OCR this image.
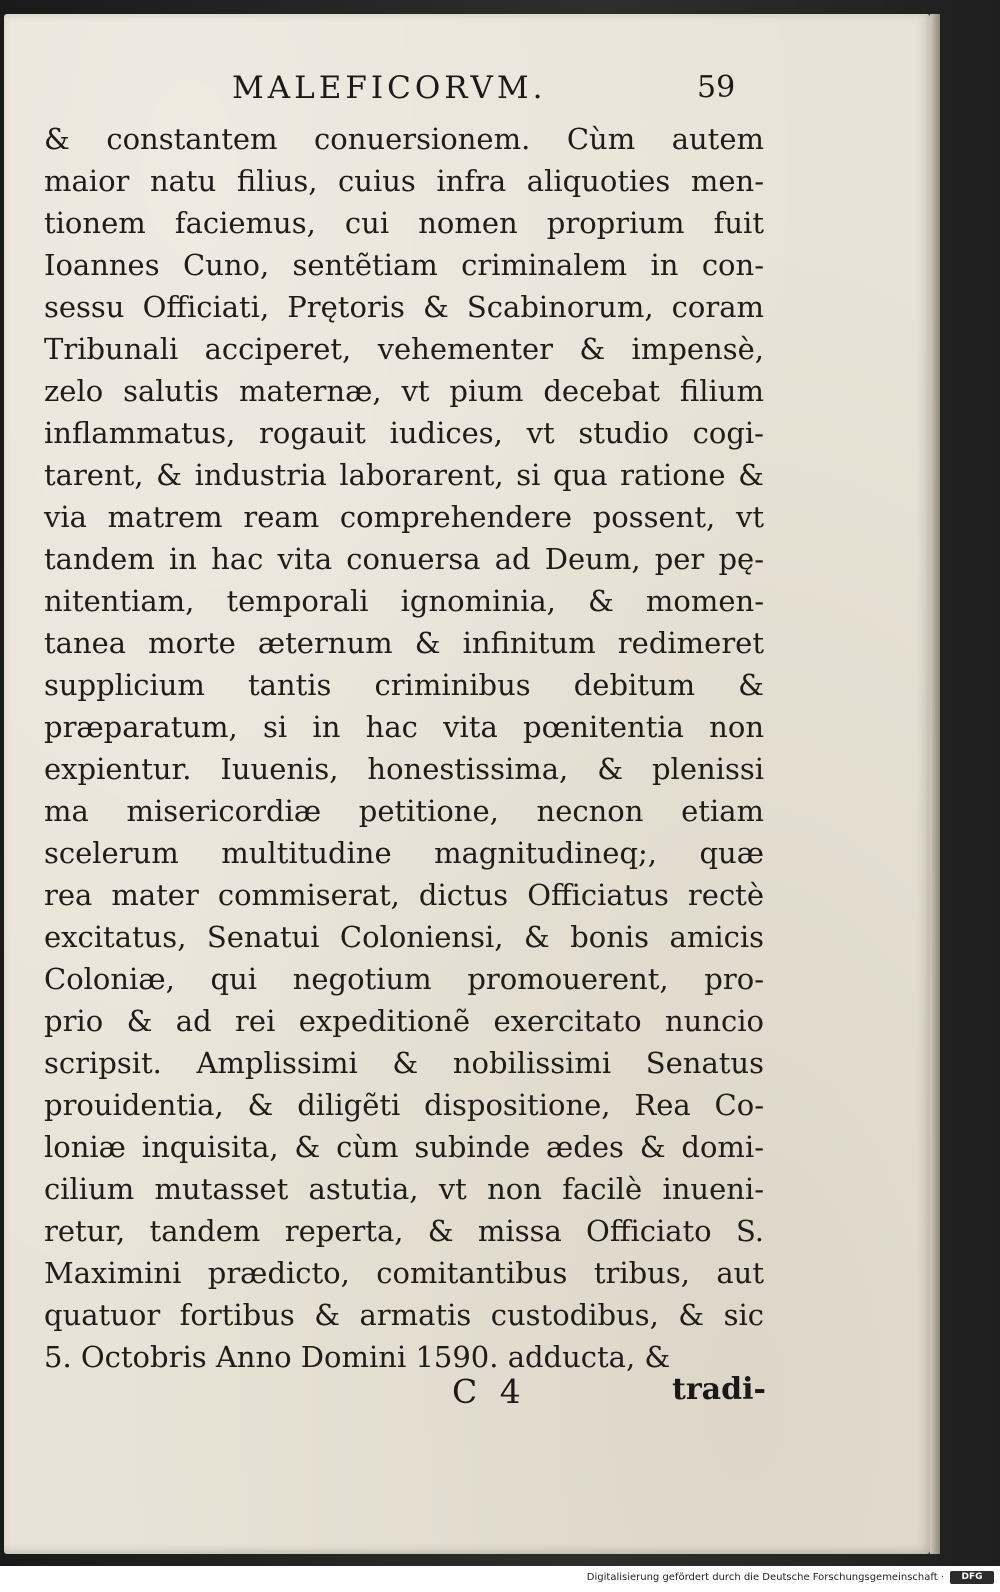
MALEFICORVM.	59
& constantem conuersionem. Cùm autem
maior natu filius, cuius infra aliquoties men-
tionem faciemus, cui nomen proprium fuit
Ioannes Cuno, sentẽtiam criminalem in con-
sessu Officiati, Prętoris & Scabinorum, coram
Tribunali acciperet, vehementer & impensè,
zelo salutis maternæ, vt pium decebat filium
inflammatus, rogauit iudices, vt studio cogi-
tarent, & industria laborarent, si qua ratione &
via matrem ream comprehendere possent, vt
tandem in hac vita conuersa ad Deum, per pę-
nitentiam, temporali ignominia, & momen-
tanea morte æternum & infinitum redimeret
supplicium tantis criminibus debitum &
præparatum, si in hac vita pœnitentia non
expientur. Iuuenis, honestissima, & plenissi
ma misericordiæ petitione, necnon etiam
scelerum multitudine magnitudineq;, quæ
rea mater commiserat, dictus Officiatus rectè
excitatus, Senatui Coloniensi, & bonis amicis
Coloniæ, qui negotium promouerent, pro-
prio & ad rei expeditionẽ exercitato nuncio
scripsit. Amplissimi & nobilissimi Senatus
prouidentia, & diligẽti dispositione, Rea Co-
loniæ inquisita, & cùm subinde ædes & domi-
cilium mutasset astutia, vt non facilè inueni-
retur, tandem reperta, & missa Officiato S.
Maximini prædicto, comitantibus tribus, aut
quatuor fortibus & armatis custodibus, & sic
5. Octobris Anno Domini 1590. adducta, &
C 4	tradi-
Digitalisierung gefördert durch die Deutsche Forschungsgemeinschaft ·	DFG
